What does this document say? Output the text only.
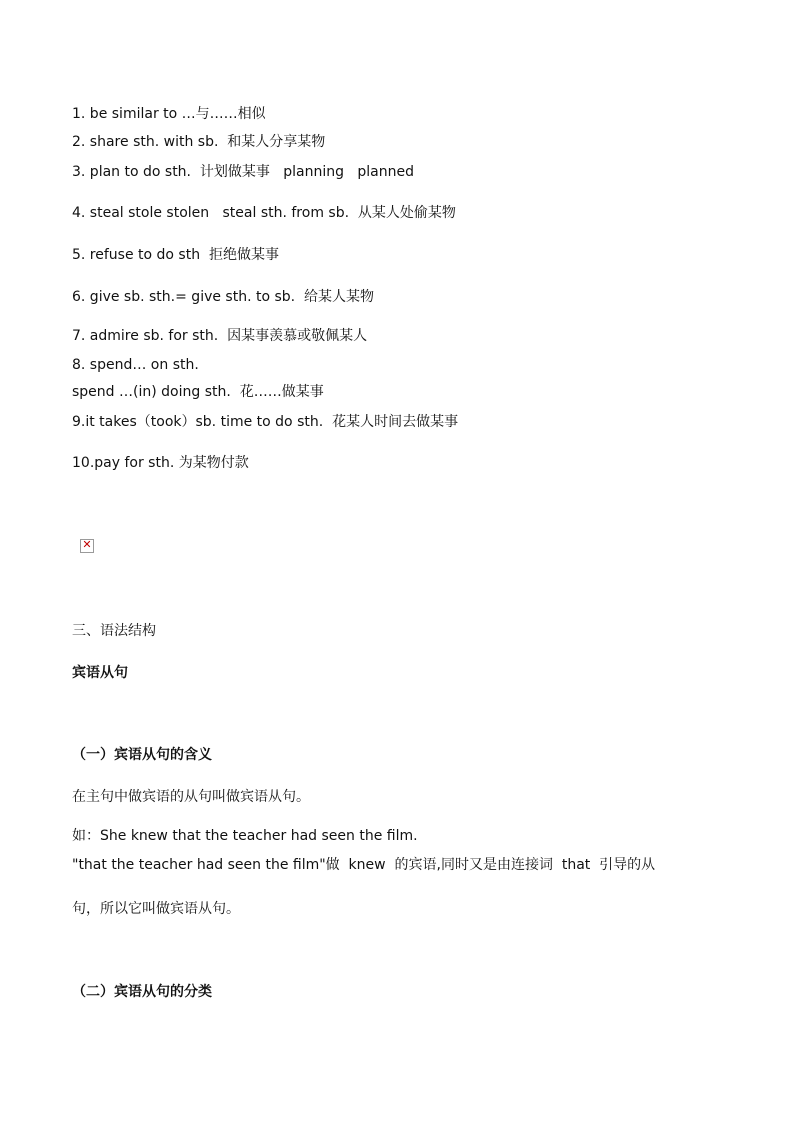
1. be similar to …与……相似
2. share sth. with sb.  和某人分享某物
3. plan to do sth.  计划做某事   planning   planned
4. steal stole stolen   steal sth. from sb.  从某人处偷某物
5. refuse to do sth  拒绝做某事
6. give sb. sth.= give sth. to sb.  给某人某物
7. admire sb. for sth.  因某事羡慕或敬佩某人
8. spend… on sth.
spend …(in) doing sth.  花……做某事
9.it takes（took）sb. time to do sth.  花某人时间去做某事
10.pay for sth. 为某物付款
✕
三、语法结构
宾语从句
（一）宾语从句的含义
在主句中做宾语的从句叫做宾语从句。
如：She knew that the teacher had seen the film.
"that the teacher had seen the film"做  knew  的宾语,同时又是由连接词  that  引导的从
句，所以它叫做宾语从句。
（二）宾语从句的分类
